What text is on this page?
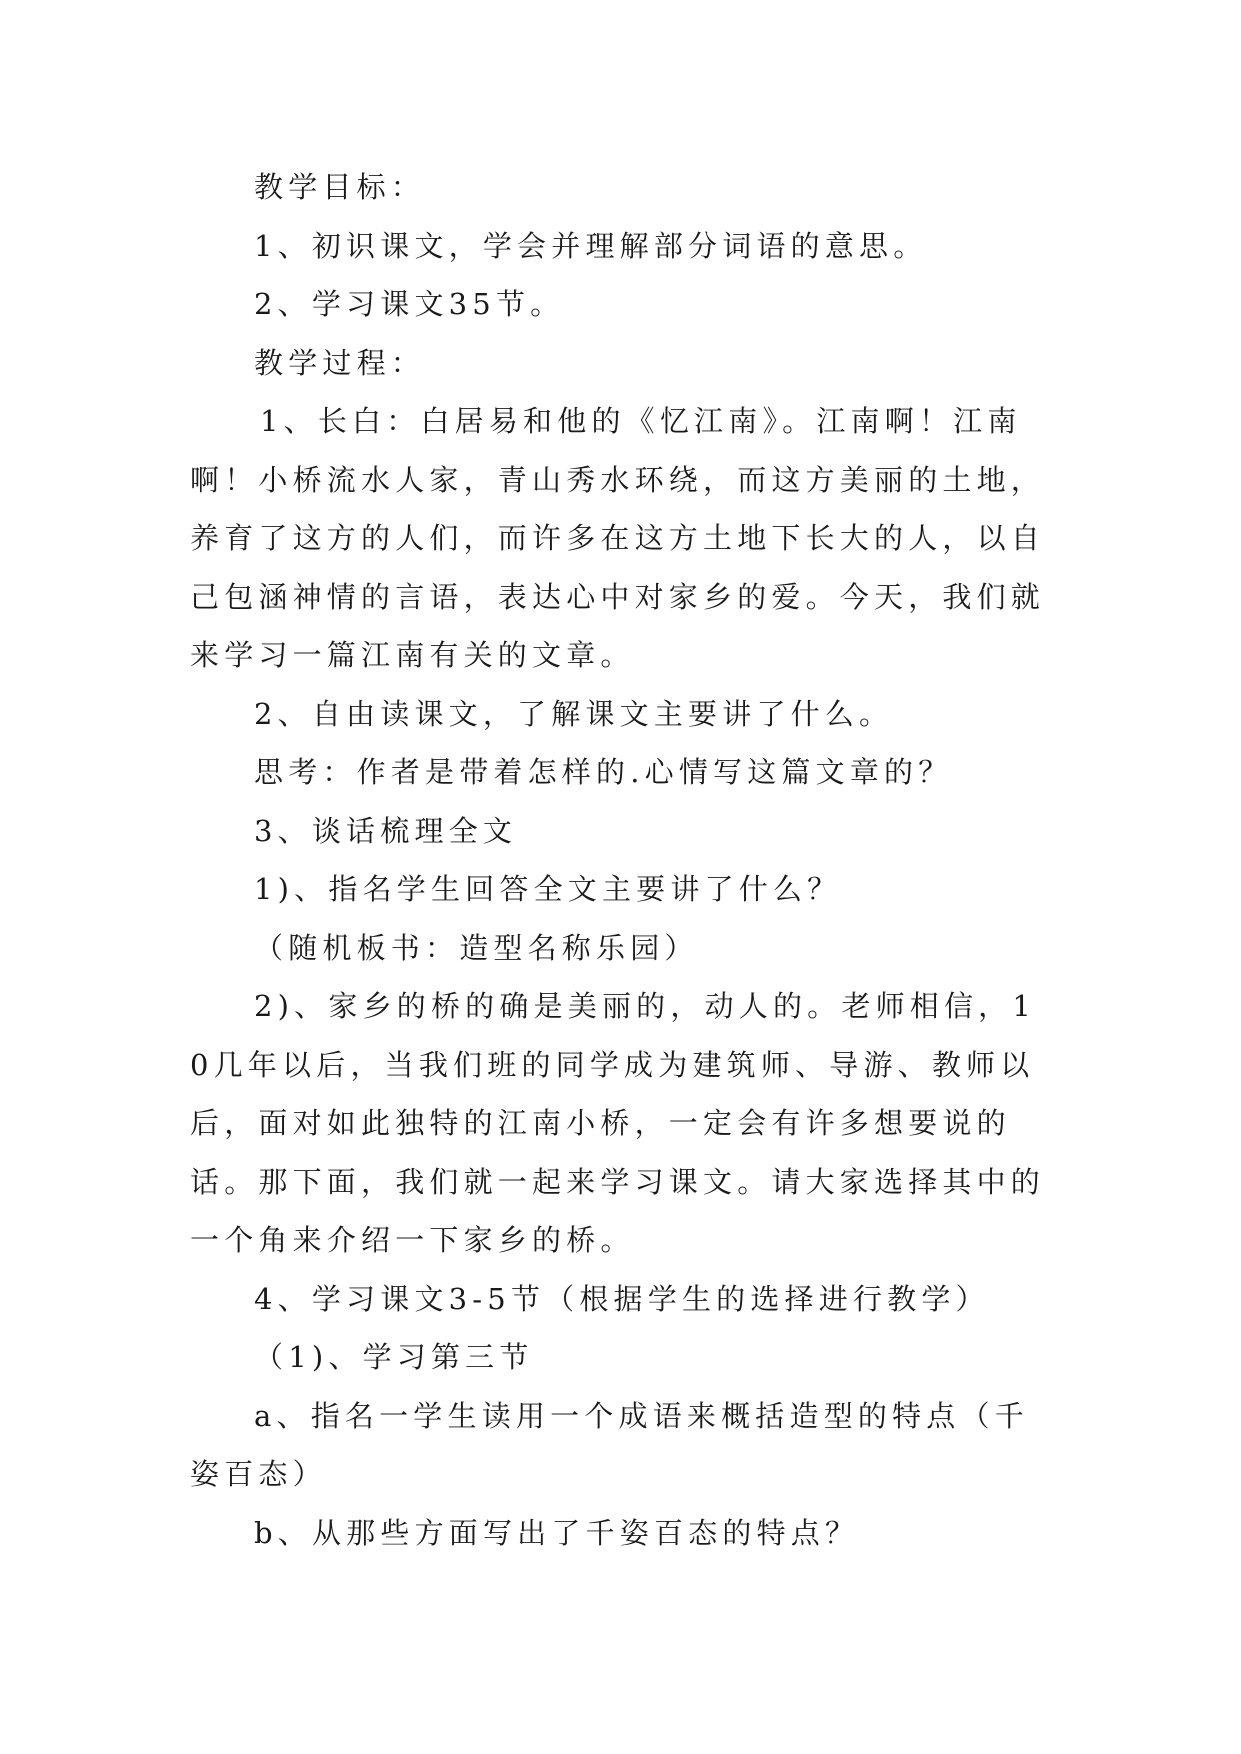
教学目标：

1、初识课文，学会并理解部分词语的意思。

2、学习课文35节。

教学过程：

1、长白：白居易和他的《忆江南》。江南啊！江南啊！小桥流水人家，青山秀水环绕，而这方美丽的土地，养育了这方的人们，而许多在这方土地下长大的人，以自己包涵神情的言语，表达心中对家乡的爱。今天，我们就来学习一篇江南有关的文章。

2、自由读课文，了解课文主要讲了什么。

思考：作者是带着怎样的.心情写这篇文章的？

3、谈话梳理全文

1)、指名学生回答全文主要讲了什么？

（随机板书：造型名称乐园）

2)、家乡的桥的确是美丽的，动人的。老师相信，10几年以后，当我们班的同学成为建筑师、导游、教师以后，面对如此独特的江南小桥，一定会有许多想要说的话。那下面，我们就一起来学习课文。请大家选择其中的一个角来介绍一下家乡的桥。

4、学习课文3-5节（根据学生的选择进行教学）

（1)、学习第三节

a、指名一学生读用一个成语来概括造型的特点（千姿百态）

b、从那些方面写出了千姿百态的特点？
